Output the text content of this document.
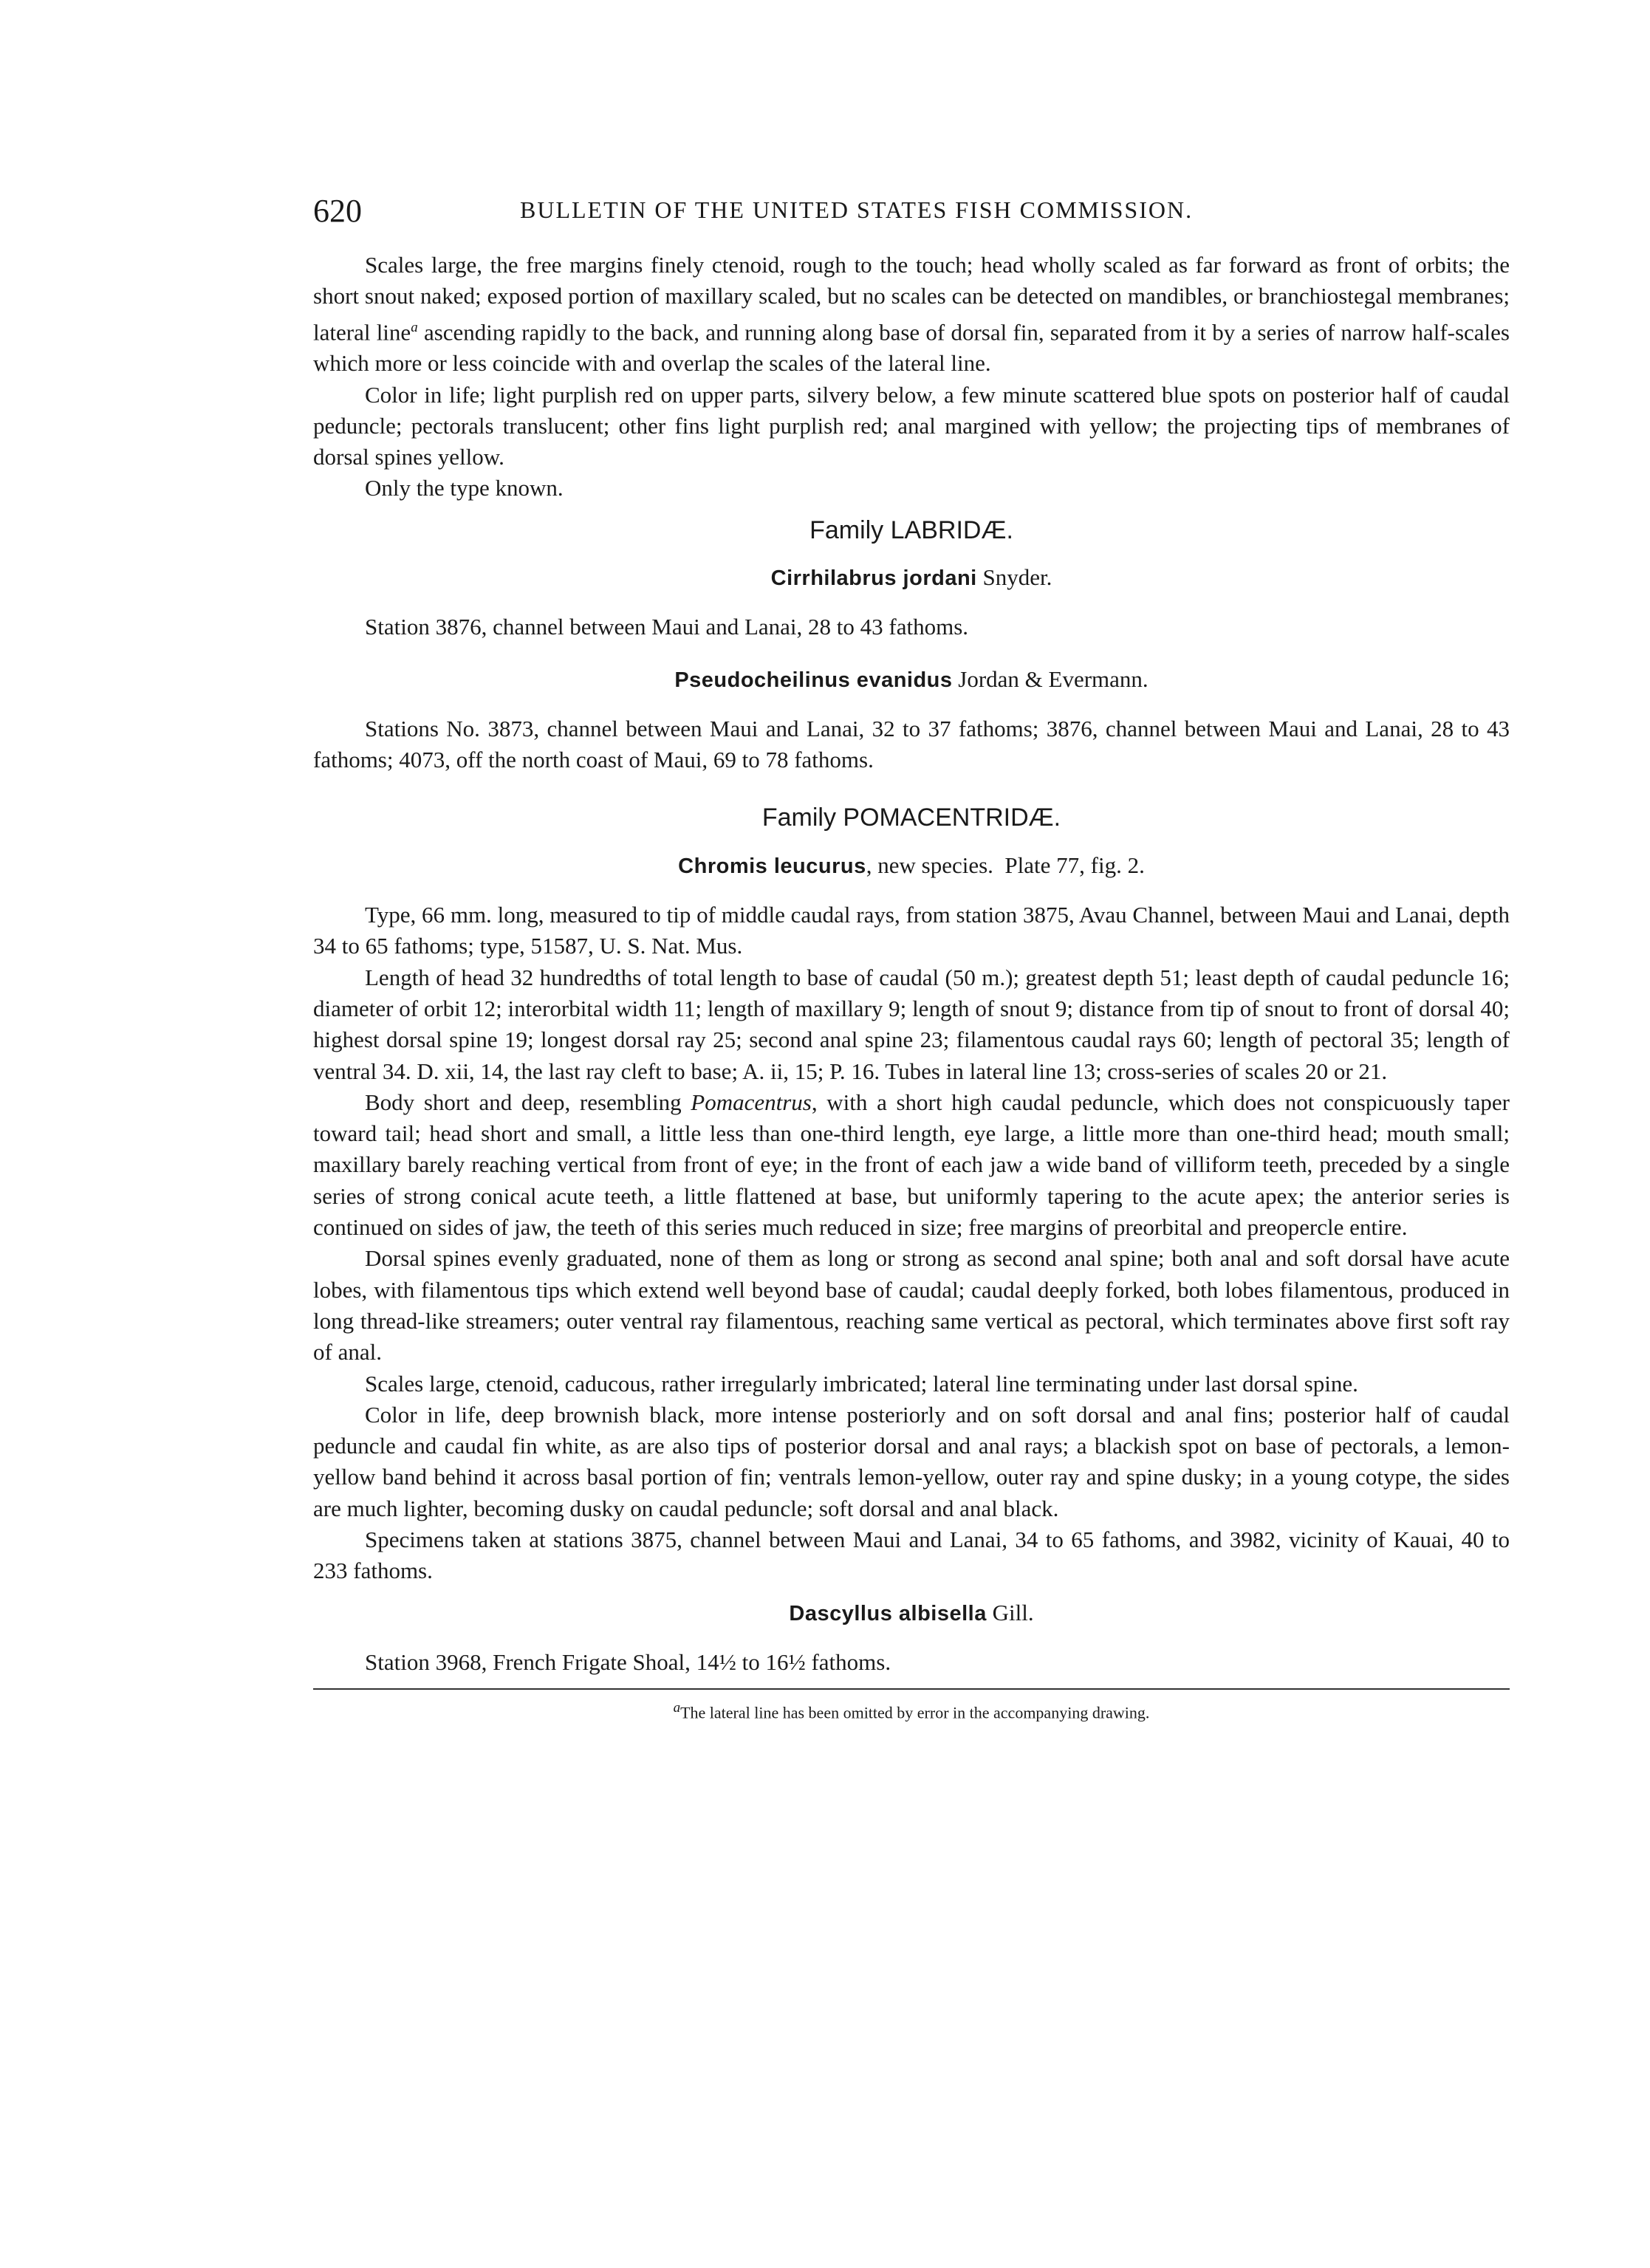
620	BULLETIN OF THE UNITED STATES FISH COMMISSION.

Scales large, the free margins finely ctenoid, rough to the touch; head wholly scaled as far forward as front of orbits; the short snout naked; exposed portion of maxillary scaled, but no scales can be detected on mandibles, or branchiostegal membranes; lateral line$^a$ ascending rapidly to the back, and running along base of dorsal fin, separated from it by a series of narrow half-scales which more or less coincide with and overlap the scales of the lateral line.

Color in life; light purplish red on upper parts, silvery below, a few minute scattered blue spots on posterior half of caudal peduncle; pectorals translucent; other fins light purplish red; anal margined with yellow; the projecting tips of membranes of dorsal spines yellow.

Only the type known.

Family LABRIDÆ.
Cirrhilabrus jordani Snyder.

Station 3876, channel between Maui and Lanai, 28 to 43 fathoms.

Pseudocheilinus evanidus Jordan & Evermann.

Stations No. 3873, channel between Maui and Lanai, 32 to 37 fathoms; 3876, channel between Maui and Lanai, 28 to 43 fathoms; 4073, off the north coast of Maui, 69 to 78 fathoms.

Family POMACENTRIDÆ.
Chromis leucurus, new species. Plate 77, fig. 2.

Type, 66 mm. long, measured to tip of middle caudal rays, from station 3875, Avau Channel, between Maui and Lanai, depth 34 to 65 fathoms; type, 51587, U. S. Nat. Mus.

Length of head 32 hundredths of total length to base of caudal (50 m.); greatest depth 51; least depth of caudal peduncle 16; diameter of orbit 12; interorbital width 11; length of maxillary 9; length of snout 9; distance from tip of snout to front of dorsal 40; highest dorsal spine 19; longest dorsal ray 25; second anal spine 23; filamentous caudal rays 60; length of pectoral 35; length of ventral 34. D. xii, 14, the last ray cleft to base; A. ii, 15; P. 16. Tubes in lateral line 13; cross-series of scales 20 or 21.

Body short and deep, resembling Pomacentrus, with a short high caudal peduncle, which does not conspicuously taper toward tail; head short and small, a little less than one-third length, eye large, a little more than one-third head; mouth small; maxillary barely reaching vertical from front of eye; in the front of each jaw a wide band of villiform teeth, preceded by a single series of strong conical acute teeth, a little flattened at base, but uniformly tapering to the acute apex; the anterior series is continued on sides of jaw, the teeth of this series much reduced in size; free margins of preorbital and preopercle entire.

Dorsal spines evenly graduated, none of them as long or strong as second anal spine; both anal and soft dorsal have acute lobes, with filamentous tips which extend well beyond base of caudal; caudal deeply forked, both lobes filamentous, produced in long thread-like streamers; outer ventral ray filamentous, reaching same vertical as pectoral, which terminates above first soft ray of anal.

Scales large, ctenoid, caducous, rather irregularly imbricated; lateral line terminating under last dorsal spine.

Color in life, deep brownish black, more intense posteriorly and on soft dorsal and anal fins; posterior half of caudal peduncle and caudal fin white, as are also tips of posterior dorsal and anal rays; a blackish spot on base of pectorals, a lemon-yellow band behind it across basal portion of fin; ventrals lemon-yellow, outer ray and spine dusky; in a young cotype, the sides are much lighter, becoming dusky on caudal peduncle; soft dorsal and anal black.

Specimens taken at stations 3875, channel between Maui and Lanai, 34 to 65 fathoms, and 3982, vicinity of Kauai, 40 to 233 fathoms.

Dascyllus albisella Gill.

Station 3968, French Frigate Shoal, 14½ to 16½ fathoms.

$^a$The lateral line has been omitted by error in the accompanying drawing.
